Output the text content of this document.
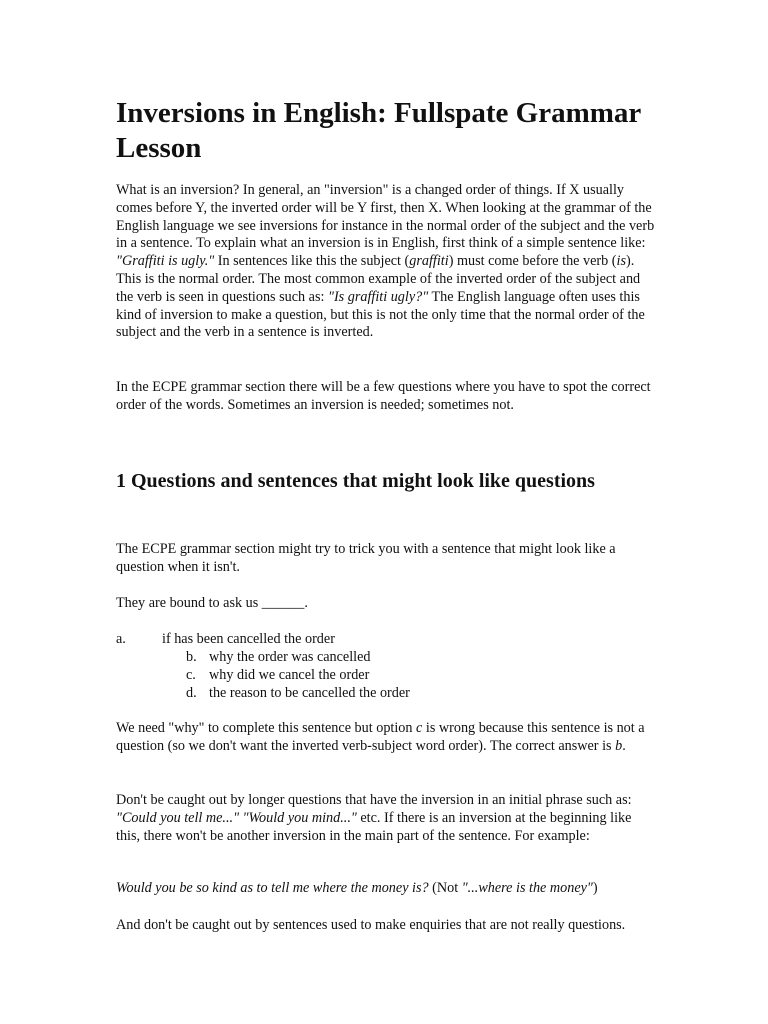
Inversions in English: Fullspate Grammar Lesson

What is an inversion? In general, an "inversion" is a changed order of things. If X usually comes before Y, the inverted order will be Y first, then X. When looking at the grammar of the English language we see inversions for instance in the normal order of the subject and the verb in a sentence. To explain what an inversion is in English, first think of a simple sentence like: "Graffiti is ugly." In sentences like this the subject (graffiti) must come before the verb (is). This is the normal order. The most common example of the inverted order of the subject and the verb is seen in questions such as: "Is graffiti ugly?" The English language often uses this kind of inversion to make a question, but this is not the only time that the normal order of the subject and the verb in a sentence is inverted.

In the ECPE grammar section there will be a few questions where you have to spot the correct order of the words. Sometimes an inversion is needed; sometimes not.

1 Questions and sentences that might look like questions

The ECPE grammar section might try to trick you with a sentence that might look like a question when it isn't.

They are bound to ask us ______.

a.	if has been cancelled the order
b. why the order was cancelled
c. why did we cancel the order
d. the reason to be cancelled the order

We need "why" to complete this sentence but option c is wrong because this sentence is not a question (so we don't want the inverted verb-subject word order). The correct answer is b.

Don't be caught out by longer questions that have the inversion in an initial phrase such as: "Could you tell me..." "Would you mind..." etc. If there is an inversion at the beginning like this, there won't be another inversion in the main part of the sentence. For example:

Would you be so kind as to tell me where the money is? (Not "...where is the money")

And don't be caught out by sentences used to make enquiries that are not really questions.
